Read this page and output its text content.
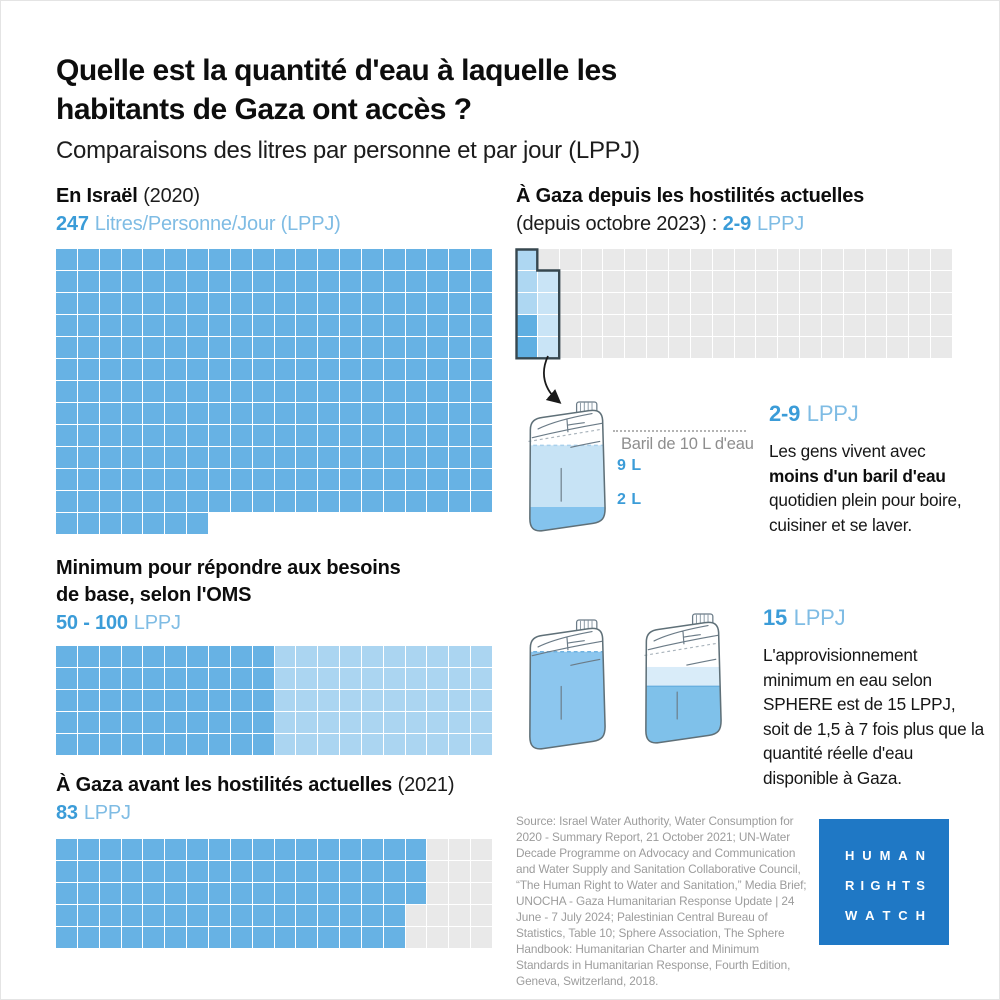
Quelle est la quantité d'eau à laquelle les
habitants de Gaza ont accès ?
Comparaisons des litres par personne et par jour (LPPJ)
En Israël (2020)
247 Litres/Personne/Jour (LPPJ)
Minimum pour répondre aux besoins
de base, selon l'OMS
50 - 100 LPPJ
À Gaza avant les hostilités actuelles (2021)
83 LPPJ
À Gaza depuis les hostilités actuelles
(depuis octobre 2023) : 2-9 LPPJ
Baril de 10 L d'eau
9 L
2 L
2-9 LPPJ
Les gens vivent avec moins d'un baril d'eau quotidien plein pour boire, cuisiner et se laver.
15 LPPJ
L'approvisionnement minimum en eau selon SPHERE est de 15 LPPJ, soit de 1,5 à 7 fois plus que la quantité réelle d'eau disponible à Gaza.
Source: Israel Water Authority, Water Consumption for 2020 - Summary Report, 21 October 2021; UN-Water Decade Programme on Advocacy and Communication and Water Supply and Sanitation Collaborative Council, “The Human Right to Water and Sanitation,” Media Brief; UNOCHA - Gaza Humanitarian Response Update | 24 June - 7 July 2024; Palestinian Central Bureau of Statistics, Table 10; Sphere Association, The Sphere Handbook: Humanitarian Charter and Minimum Standards in Humanitarian Response, Fourth Edition, Geneva, Switzerland, 2018.
H U M A N
R I G H T S
W A T C H
